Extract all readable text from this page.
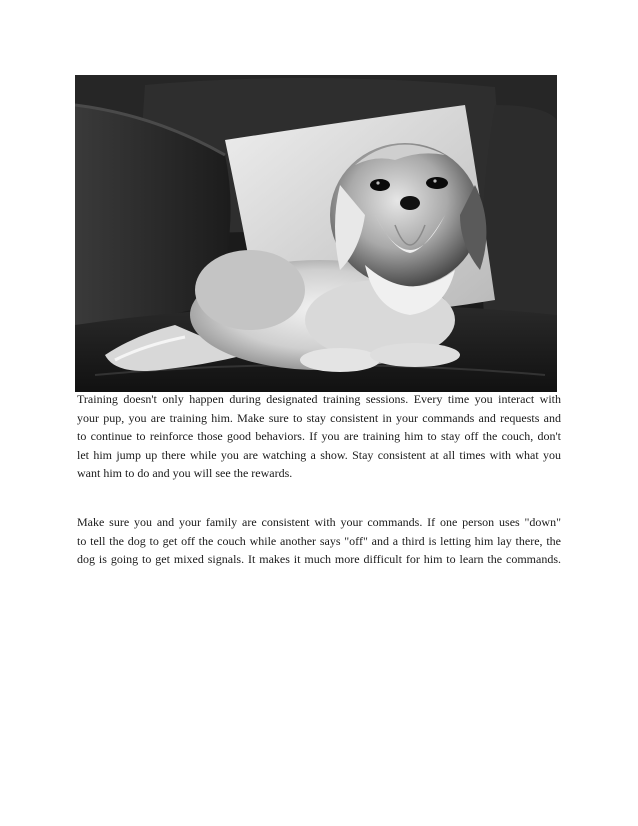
Training doesn't only happen during designated training sessions. Every time you interact with
your pup, you are training him. Make sure to stay consistent in your commands and requests and
to continue to reinforce those good behaviors. If you are training him to stay off the couch, don't
let him jump up there while you are watching a show. Stay consistent at all times with what you
want him to do and you will see the rewards.
Make sure you and your family are consistent with your commands. If one person uses "down"
to tell the dog to get off the couch while another says "off" and a third is letting him lay there, the
dog is going to get mixed signals. It makes it much more difficult for him to learn the commands.
